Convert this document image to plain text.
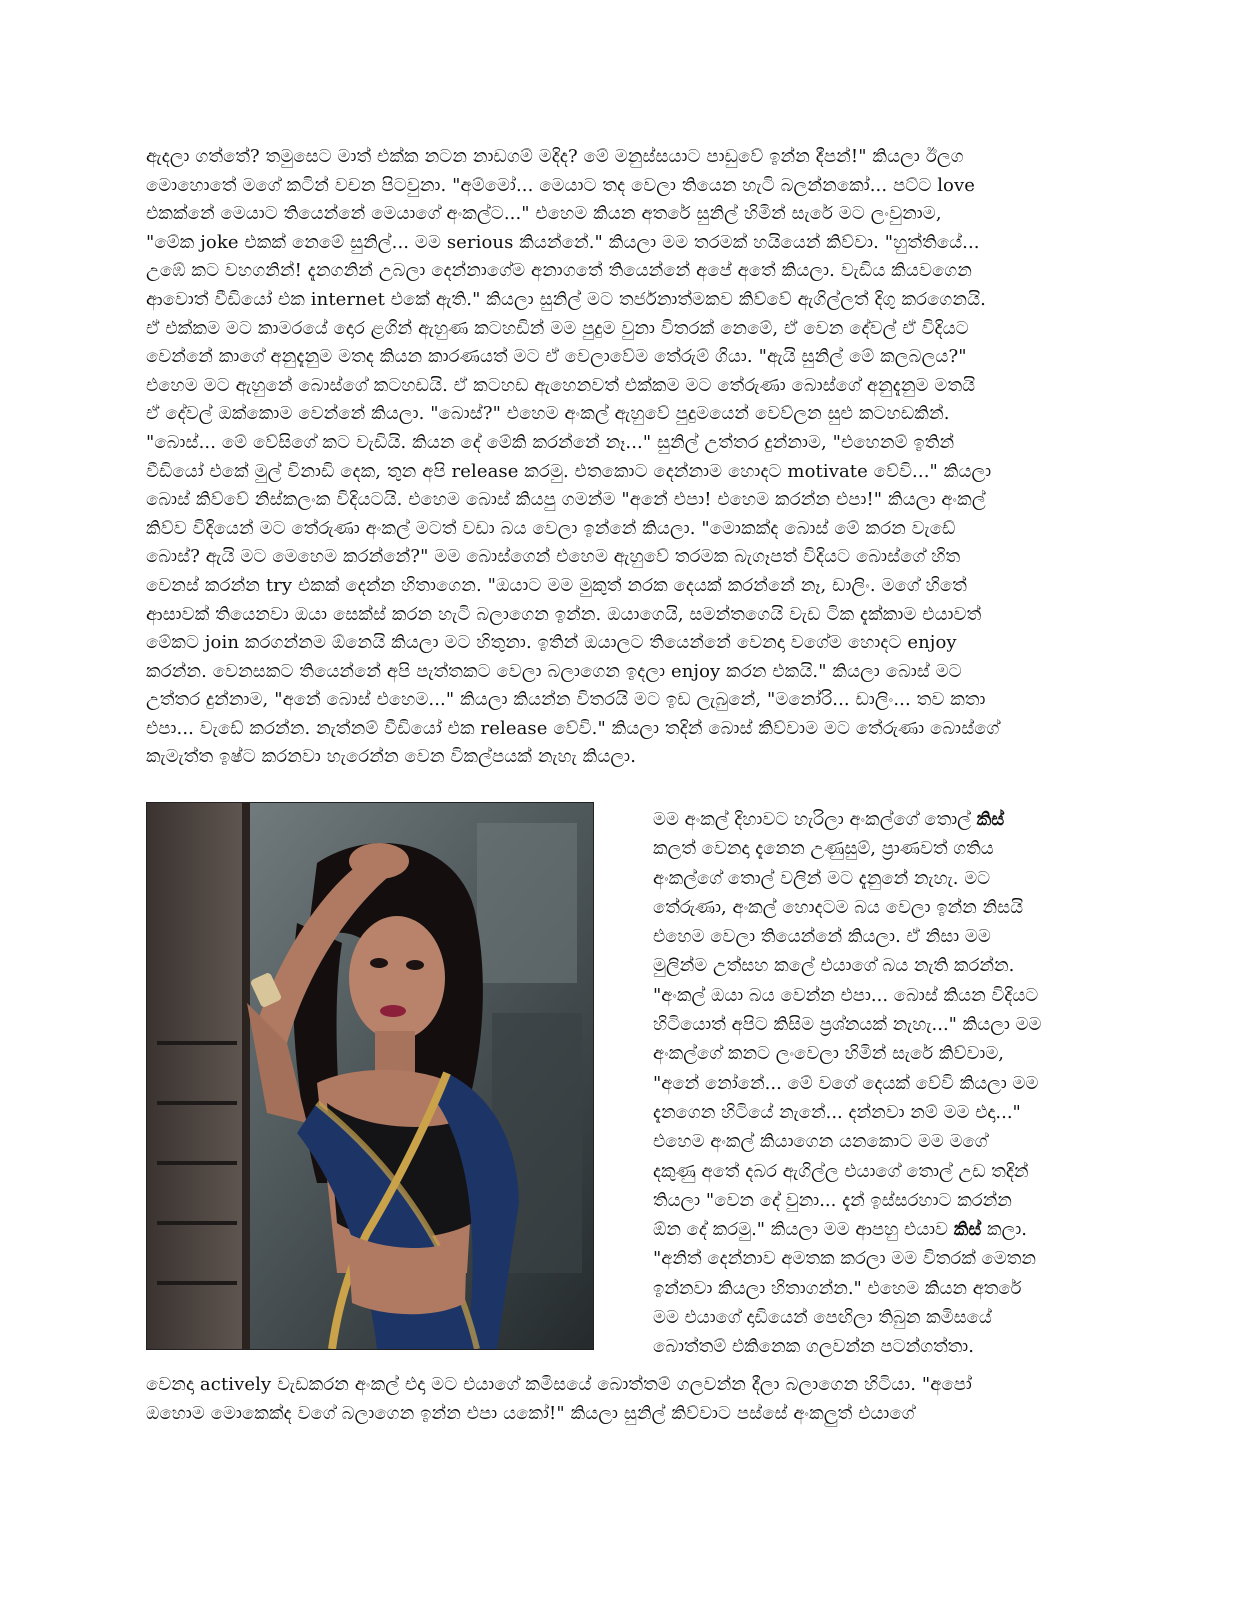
ඇදලා ගත්තේ? තමුසෙට මාත් එක්ක නටන නාඩගම් මදිද? මේ මනුස්සයාට පාඩුවේ ඉන්න දීපන්!" කියලා ඊලග
මොහොතේ මගේ කටින් වචන පිටවුනා. "අම්මෝ... මෙයාට තද වෙලා තියෙන හැටි බලන්නකෝ... පට්ට love
එකක්නේ මෙයාට තියෙන්නේ මෙයාගේ අංකල්ට..." එහෙම කියන අතරේ සුනිල් හිමින් සැරේ මට ලංවුනාම,
"මේක joke එකක් නෙමේ සුනිල්... මම serious කියන්නේ." කියලා මම තරමක් හයියෙන් කිව්වා. "හුත්තියේ...
උඹේ කට වහගනින්! දැනගනින් උබලා දෙන්නාගේම අනාගතේ තියෙන්නේ අපේ අතේ කියලා. වැඩිය කියවගෙන
ආවොත් වීඩියෝ එක internet එකේ ඇති." කියලා සුනිල් මට තර්ජනාත්මකව කිව්වේ ඇගිල්ලත් දිගු කරගෙනයි.
ඒ එක්කම මට කාමරයේ දොර ළගින් ඇහුණ කටහඩින් මම පුදුම වුනා විතරක් නෙමේ, ඒ වෙන දේවල් ඒ විදියට
වෙන්නේ කාගේ අනුදැනුම මතද කියන කාරණයත් මට ඒ වෙලාවේම තේරුම් ගියා. "ඇයි සුනිල් මේ කලබලය?"
එහෙම මට ඇහුනේ බොස්ගේ කටහඩයි. ඒ කටහඩ ඇහෙනවත් එක්කම මට තේරුණා බොස්ගේ අනුදැනුම මතයි
ඒ දේවල් ඔක්කොම වෙන්නේ කියලා. "බොස්?" එහෙම අංකල් ඇහුවේ පුදුමයෙන් වෙව්ලන සුළු කටහඩකින්.
"බොස්... මේ වේසිගේ කට වැඩියි. කියන දේ මේකි කරන්නේ නෑ..." සුනිල් උත්තර දුන්නාම, "එහෙනම් ඉතින්
වීඩියෝ එකේ මුල් විනාඩි දෙක, තුන අපි release කරමු. එතකොට දෙන්නාම හොදට motivate වේවි..." කියලා
බොස් කිව්වේ නිස්කලංක විදියටයි. එහෙම බොස් කියපු ගමන්ම "අනේ එපා! එහෙම කරන්න එපා!" කියලා අංකල්
කිව්ව විදියෙන් මට තේරුණා අංකල් මටත් වඩා බය වෙලා ඉන්නේ කියලා. "මොකක්ද බොස් මේ කරන වැඩේ
බොස්? ඇයි මට මෙහෙම කරන්නේ?" මම බොස්ගෙන් එහෙම ඇහුවේ තරමක බැගෑපත් විදියට බොස්ගේ හිත
වෙනස් කරන්න try එකක් දෙන්න හිතාගෙන. "ඔයාට මම මුකුත් නරක දෙයක් කරන්නේ නෑ, ඩාලිං. මගේ හිතේ
ආසාවක් තියෙනවා ඔයා සෙක්ස් කරන හැටි බලාගෙන ඉන්න. ඔයාගෙයි, සමන්තගෙයි වැඩ ටික දැක්කාම එයාවත්
මේකට join කරගන්නම ඕනෙයි කියලා මට හිතුනා. ඉතින් ඔයාලට තියෙන්නේ වෙනදා වගේම හොදට enjoy
කරන්න. වෙනසකට තියෙන්නේ අපි පැත්තකට වෙලා බලාගෙන ඉදලා enjoy කරන එකයි." කියලා බොස් මට
උත්තර දුන්නාම, "අනේ බොස් එහෙම..." කියලා කියන්න විතරයි මට ඉඩ ලැබුනේ, "මනෝරි... ඩාලිං... තව කතා
එපා... වැඩේ කරන්න. නැත්නම් වීඩියෝ එක release වේවි." කියලා තදින් බොස් කිව්වාම මට තේරුණා බොස්ගේ
කැමැත්ත ඉෂ්ට කරනවා හැරෙන්න වෙන විකල්පයක් නැහැ කියලා.
මම අංකල් දිහාවට හැරිලා අංකල්ගේ තොල් කිස්
කලත් වෙනදා දැනෙන උණුසුම්, ප්‍රාණවත් ගතිය
අංකල්ගේ තොල් වලින් මට දැනුනේ නැහැ. මට
තේරුණා, අංකල් හොදටම බය වෙලා ඉන්න නිසයි
එහෙම වෙලා තියෙන්නේ කියලා. ඒ නිසා මම
මුලින්ම උත්සහ කලේ එයාගේ බය නැති කරන්න.
"අංකල් ඔයා බය වෙන්න එපා... බොස් කියන විදියට
හිටියොත් අපිට කිසිම ප්‍රශ්නයක් නැහැ..." කියලා මම
අංකල්ගේ කනට ලංවෙලා හිමින් සැරේ කිව්වාම,
"අනේ නෝනේ... මේ වගේ දෙයක් වේවි කියලා මම
දැනගෙන හිටියේ නැනේ... දන්නවා නම් මම එදා..."
එහෙම අංකල් කියාගෙන යනකොට මම මගේ
දකුණු අතේ දබර ඇගිල්ල එයාගේ තොල් උඩ තදින්
තියලා "වෙන දේ වුනා... දැන් ඉස්සරහාට කරන්න
ඕන දේ කරමු." කියලා මම ආපහු එයාව කිස් කලා.
"අනිත් දෙන්නාව අමතක කරලා මම විතරක් මෙතන
ඉන්නවා කියලා හිතාගන්න." එහෙම කියන අතරේ
මම එයාගේ දාඩියෙන් පෙඟිලා තිබුන කමිසයේ
බොත්තම් එකිනෙක ගලවන්න පටන්ගත්තා.
වෙනදා actively වැඩකරන අංකල් එදා මට එයාගේ කමිසයේ බොත්තම් ගලවන්න දීලා බලාගෙන හිටියා. "අපෝ
ඔහොම මොකෙක්ද වගේ බලාගෙන ඉන්න එපා යකෝ!" කියලා සුනිල් කිව්වාට පස්සේ අංකලුත් එයාගේ
